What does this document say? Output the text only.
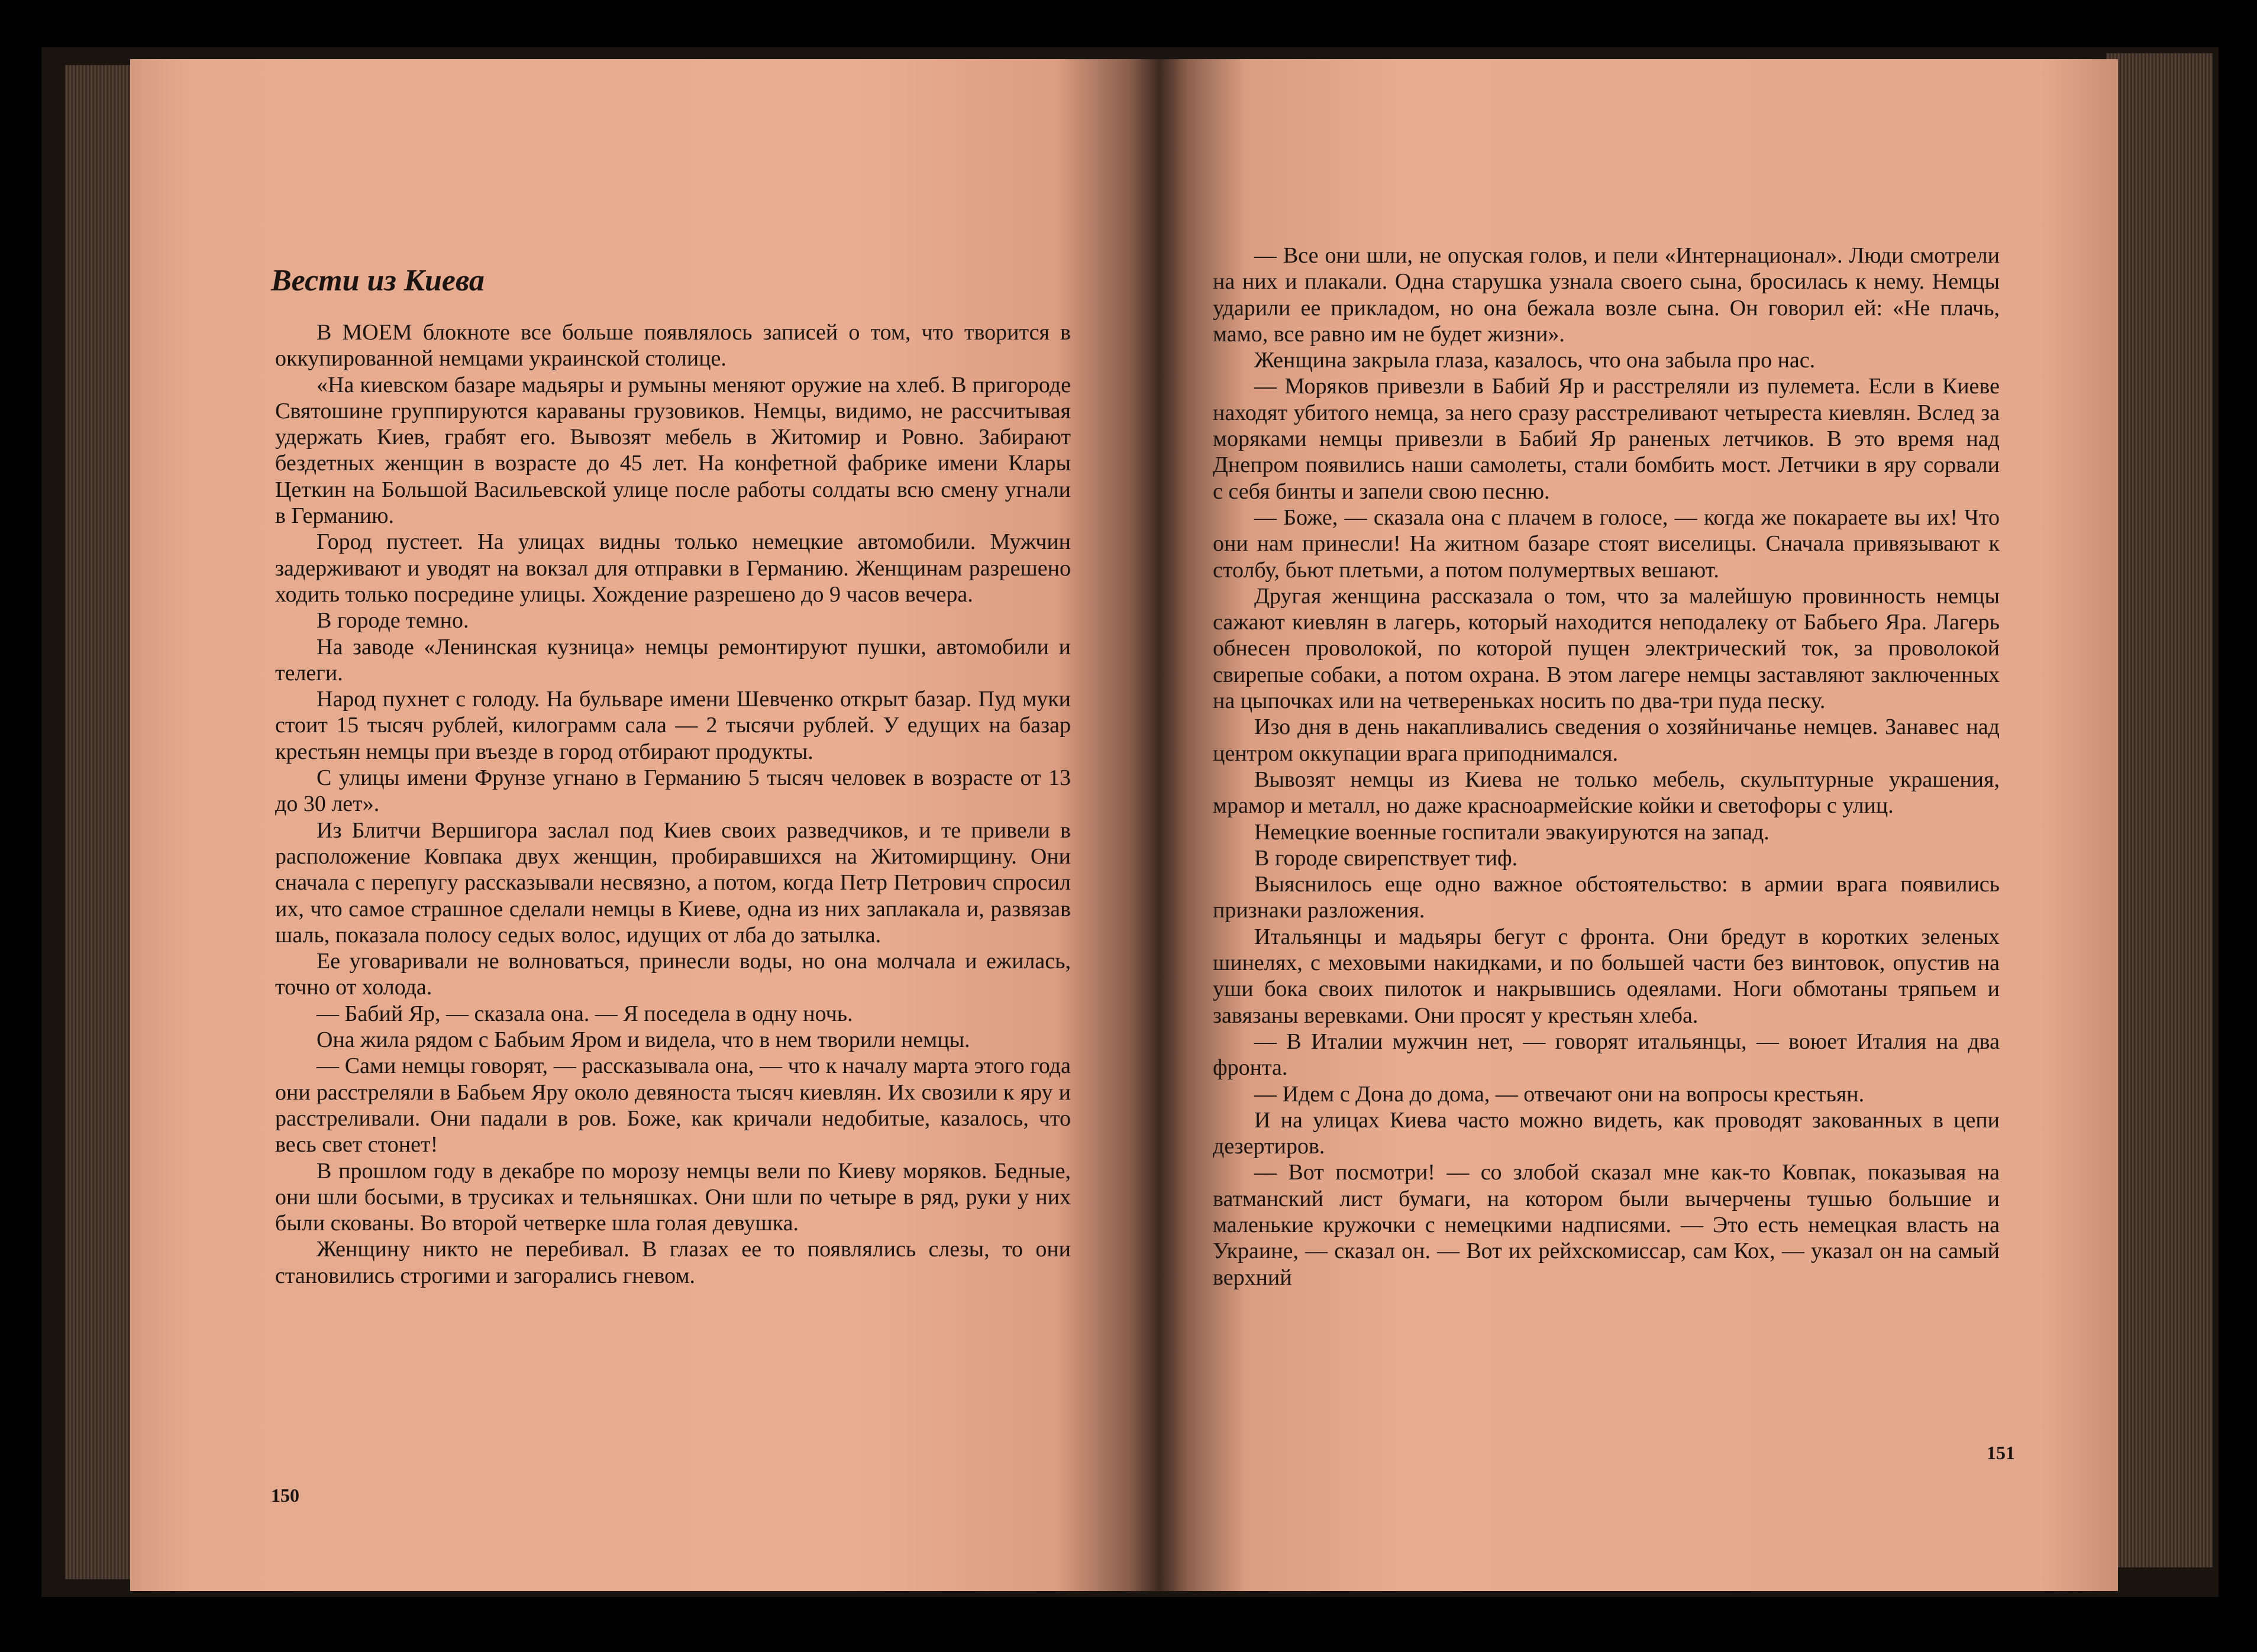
Вести из Киева

В МОЕМ блокноте все больше появлялось записей о том, что творится в оккупированной немцами украинской столице.

«На киевском базаре мадьяры и румыны меняют оружие на хлеб. В пригороде Святошине группируются караваны грузовиков. Немцы, видимо, не рассчитывая удержать Киев, грабят его. Вывозят мебель в Житомир и Ровно. Забирают бездетных женщин в возрасте до 45 лет. На конфетной фабрике имени Клары Цеткин на Большой Васильевской улице после работы солдаты всю смену угнали в Германию.

Город пустеет. На улицах видны только немецкие автомобили. Мужчин задерживают и уводят на вокзал для отправки в Германию. Женщинам разрешено ходить только посредине улицы. Хождение разрешено до 9 часов вечера.

В городе темно.

На заводе «Ленинская кузница» немцы ремонтируют пушки, автомобили и телеги.

Народ пухнет с голоду. На бульваре имени Шевченко открыт базар. Пуд муки стоит 15 тысяч рублей, килограмм сала — 2 тысячи рублей. У едущих на базар крестьян немцы при въезде в город отбирают продукты.

С улицы имени Фрунзе угнано в Германию 5 тысяч человек в возрасте от 13 до 30 лет».

Из Блитчи Вершигора заслал под Киев своих разведчиков, и те привели в расположение Ковпака двух женщин, пробиравшихся на Житомирщину. Они сначала с перепугу рассказывали несвязно, а потом, когда Петр Петрович спросил их, что самое страшное сделали немцы в Киеве, одна из них заплакала и, развязав шаль, показала полосу седых волос, идущих от лба до затылка.

Ее уговаривали не волноваться, принесли воды, но она молчала и ежилась, точно от холода.

— Бабий Яр, — сказала она. — Я поседела в одну ночь.

Она жила рядом с Бабьим Яром и видела, что в нем творили немцы.

— Сами немцы говорят, — рассказывала она, — что к началу марта этого года они расстреляли в Бабьем Яру около девяноста тысяч киевлян. Их свозили к яру и расстреливали. Они падали в ров. Боже, как кричали недобитые, казалось, что весь свет стонет!

В прошлом году в декабре по морозу немцы вели по Киеву моряков. Бедные, они шли босыми, в трусиках и тельняшках. Они шли по четыре в ряд, руки у них были скованы. Во второй четверке шла голая девушка.

Женщину никто не перебивал. В глазах ее то появлялись слезы, то они становились строгими и загорались гневом.

150

— Все они шли, не опуская голов, и пели «Интернационал». Люди смотрели на них и плакали. Одна старушка узнала своего сына, бросилась к нему. Немцы ударили ее прикладом, но она бежала возле сына. Он говорил ей: «Не плачь, мамо, все равно им не будет жизни».

Женщина закрыла глаза, казалось, что она забыла про нас.

— Моряков привезли в Бабий Яр и расстреляли из пулемета. Если в Киеве находят убитого немца, за него сразу расстреливают четыреста киевлян. Вслед за моряками немцы привезли в Бабий Яр раненых летчиков. В это время над Днепром появились наши самолеты, стали бомбить мост. Летчики в яру сорвали с себя бинты и запели свою песню.

— Боже, — сказала она с плачем в голосе, — когда же покараете вы их! Что они нам принесли! На житном базаре стоят виселицы. Сначала привязывают к столбу, бьют плетьми, а потом полумертвых вешают.

Другая женщина рассказала о том, что за малейшую провинность немцы сажают киевлян в лагерь, который находится неподалеку от Бабьего Яра. Лагерь обнесен проволокой, по которой пущен электрический ток, за проволокой свирепые собаки, а потом охрана. В этом лагере немцы заставляют заключенных на цыпочках или на четвереньках носить по два-три пуда песку.

Изо дня в день накапливались сведения о хозяйничанье немцев. Занавес над центром оккупации врага приподнимался.

Вывозят немцы из Киева не только мебель, скульптурные украшения, мрамор и металл, но даже красноармейские койки и светофоры с улиц.

Немецкие военные госпитали эвакуируются на запад.

В городе свирепствует тиф.

Выяснилось еще одно важное обстоятельство: в армии врага появились признаки разложения.

Итальянцы и мадьяры бегут с фронта. Они бредут в коротких зеленых шинелях, с меховыми накидками, и по большей части без винтовок, опустив на уши бока своих пилоток и накрывшись одеялами. Ноги обмотаны тряпьем и завязаны веревками. Они просят у крестьян хлеба.

— В Италии мужчин нет, — говорят итальянцы, — воюет Италия на два фронта.

— Идем с Дона до дома, — отвечают они на вопросы крестьян.

И на улицах Киева часто можно видеть, как проводят закованных в цепи дезертиров.

— Вот посмотри! — со злобой сказал мне как-то Ковпак, показывая на ватманский лист бумаги, на котором были вычерчены тушью большие и маленькие кружочки с немецкими надписями. — Это есть немецкая власть на Украине, — сказал он. — Вот их рейхскомиссар, сам Кох, — указал он на самый верхний

151
